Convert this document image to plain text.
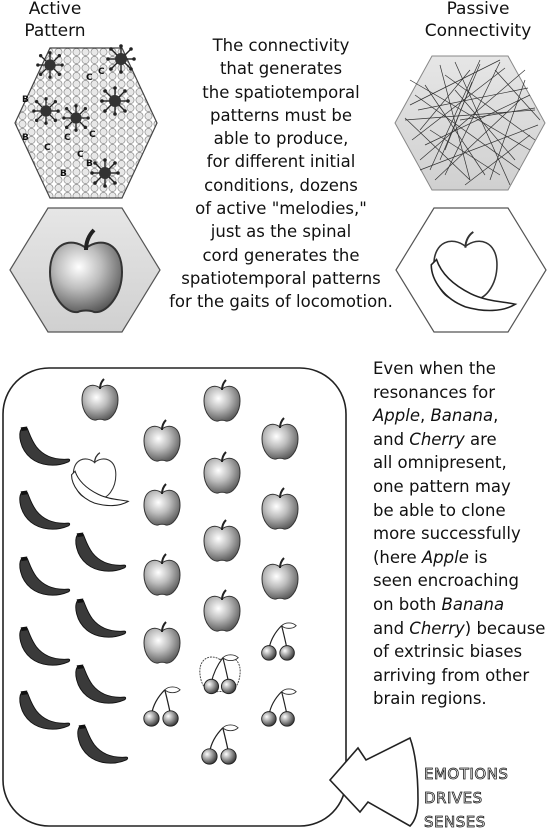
C
C
B
C C
B
C
C
B
B
Active
Pattern
Passive
Connectivity
The connectivity
that generates
the spatiotemporal
patterns must be
able to produce,
for different initial
conditions, dozens
of active "melodies,"
just as the spinal
cord generates the
spatiotemporal patterns
for the gaits of locomotion.
Even when the
resonances for
Apple, Banana,
and Cherry are
all omnipresent,
one pattern may
be able to clone
more successfully
(here Apple is
seen encroaching
on both Banana
and Cherry) because
of extrinsic biases
arriving from other
brain regions.
EMOTIONS
DRIVES
SENSES
